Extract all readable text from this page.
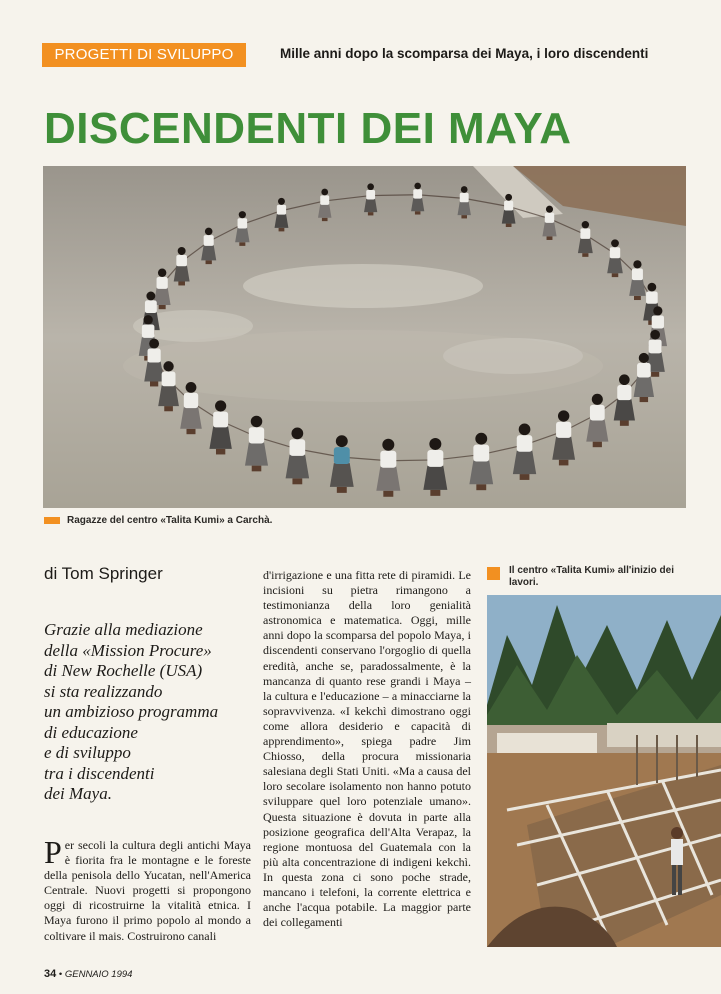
PROGETTI DI SVILUPPO	Mille anni dopo la scomparsa dei Maya, i loro discendenti
DISCENDENTI DEI MAYA
Ragazze del centro «Talita Kumi» a Carchà.
di Tom Springer
Grazie alla mediazione
della «Mission Procure»
di New Rochelle (USA)
si sta realizzando
un ambizioso programma
di educazione
e di sviluppo
tra i discendenti
dei Maya.

Per secoli la cultura degli antichi Maya è fiorita fra le montagne e le foreste della penisola dello Yucatan, nell'America Centrale. Nuovi progetti si propongono oggi di ricostruirne la vitalità etnica. I Maya furono il primo popolo al mondo a coltivare il mais. Costruirono canali

d'irrigazione e una fitta rete di piramidi. Le incisioni su pietra rimangono a testimonianza della loro genialità astronomica e matematica. Oggi, mille anni dopo la scomparsa del popolo Maya, i discendenti conservano l'orgoglio di quella eredità, anche se, paradossalmente, è la mancanza di quanto rese grandi i Maya – la cultura e l'educazione – a minacciarne la sopravvivenza. «I kekchì dimostrano oggi come allora desiderio e capacità di apprendimento», spiega padre Jim Chiosso, della procura missionaria salesiana degli Stati Uniti. «Ma a causa del loro secolare isolamento non hanno potuto sviluppare quel loro potenziale umano». Questa situazione è dovuta in parte alla posizione geografica dell'Alta Verapaz, la regione montuosa del Guatemala con la più alta concentrazione di indigeni kekchì. In questa zona ci sono poche strade, mancano i telefoni, la corrente elettrica e anche l'acqua potabile. La maggior parte dei collegamenti

Il centro «Talita Kumi» all'inizio dei lavori.
34 • GENNAIO 1994
